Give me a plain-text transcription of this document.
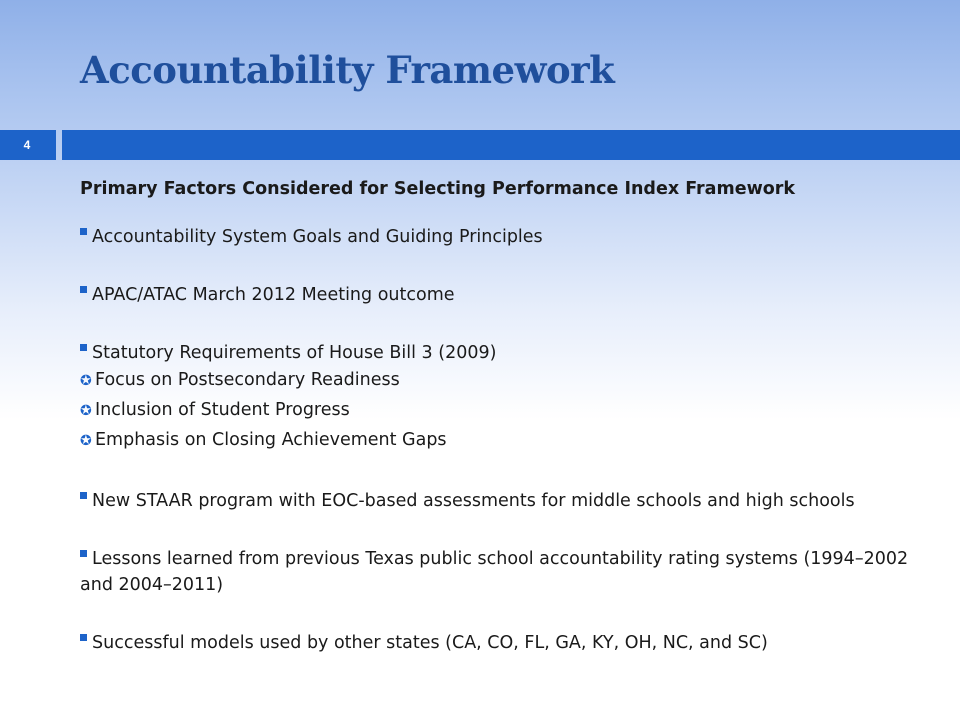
Accountability Framework
4

Primary Factors Considered for Selecting Performance Index Framework

Accountability System Goals and Guiding Principles

APAC/ATAC March 2012 Meeting outcome

Statutory Requirements of House Bill 3 (2009)

✪ Focus on Postsecondary Readiness

✪ Inclusion of Student Progress

✪ Emphasis on Closing Achievement Gaps

New STAAR program with EOC-based assessments for middle schools and high schools

Lessons learned from previous Texas public school accountability rating systems (1994–2002 and 2004–2011)

Successful models used by other states (CA, CO, FL, GA, KY, OH, NC, and SC)
